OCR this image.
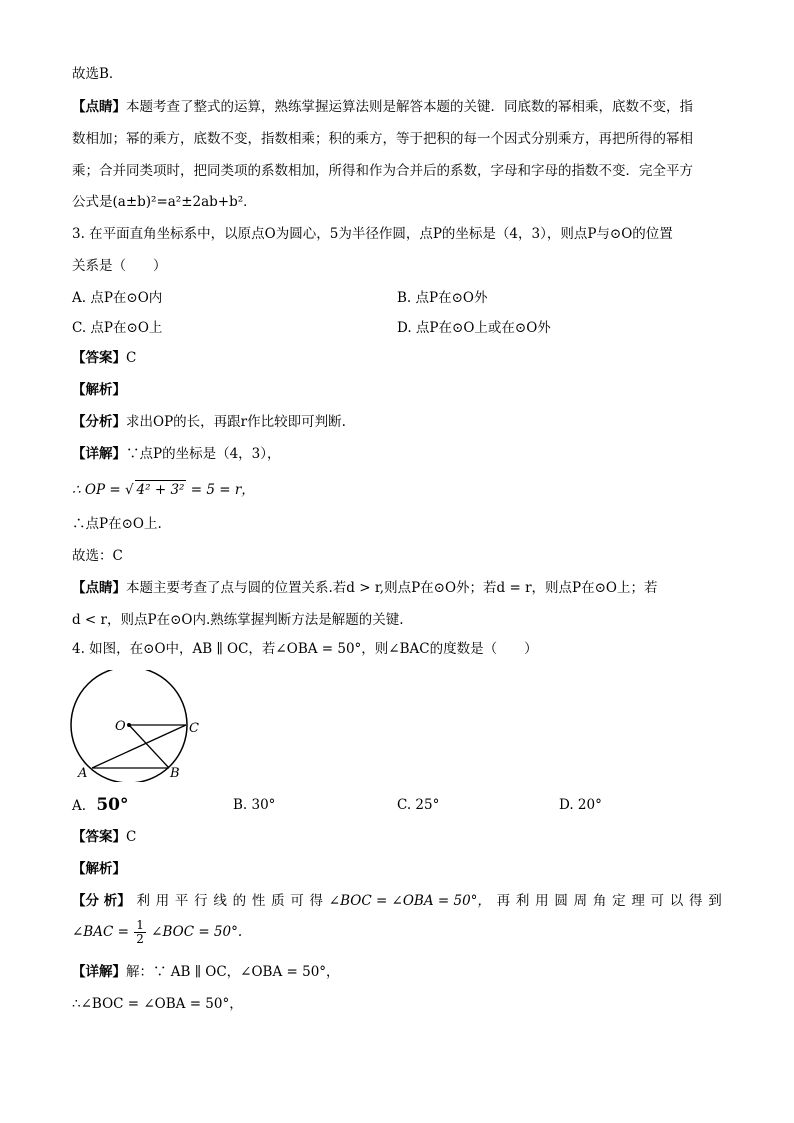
故选B．
【点睛】本题考查了整式的运算，熟练掌握运算法则是解答本题的关键．同底数的幂相乘，底数不变，指
数相加；幂的乘方，底数不变，指数相乘；积的乘方，等于把积的每一个因式分别乘方，再把所得的幂相
乘；合并同类项时，把同类项的系数相加，所得和作为合并后的系数，字母和字母的指数不变．完全平方
公式是(a±b)²=a²±2ab+b²．
3. 在平面直角坐标系中，以原点O为圆心，5为半径作圆，点P的坐标是（4，3），则点P与⊙O的位置
关系是（　　）
A. 点P在⊙O内	B. 点P在⊙O外
C. 点P在⊙O上	D. 点P在⊙O上或在⊙O外
【答案】C
【解析】
【分析】求出OP的长，再跟r作比较即可判断.
【详解】∵点P的坐标是（4，3），
∴ OP = √ 4² + 3² = 5 = r，
∴点P在⊙O上.
故选：C
【点睛】本题主要考查了点与圆的位置关系.若d > r,则点P在⊙O外；若d = r，则点P在⊙O上；若
d < r，则点P在⊙O内.熟练掌握判断方法是解题的关键.
4. 如图，在⊙O中，AB ∥ OC，若∠OBA = 50°，则∠BAC的度数是（　　）
O	C
A	B
A. 50°	B. 30°	C. 25°	D. 20°
【答案】C
【解析】
【分 析】 利 用 平 行 线 的 性 质 可 得 ∠BOC = ∠OBA = 50°， 再 利 用 圆 周 角 定 理 可 以 得 到
∠BAC = $\frac{1}{2}$ ∠BOC = 50°.
【详解】解：∵ AB ∥ OC，∠OBA = 50°，
∴∠BOC = ∠OBA = 50°，
